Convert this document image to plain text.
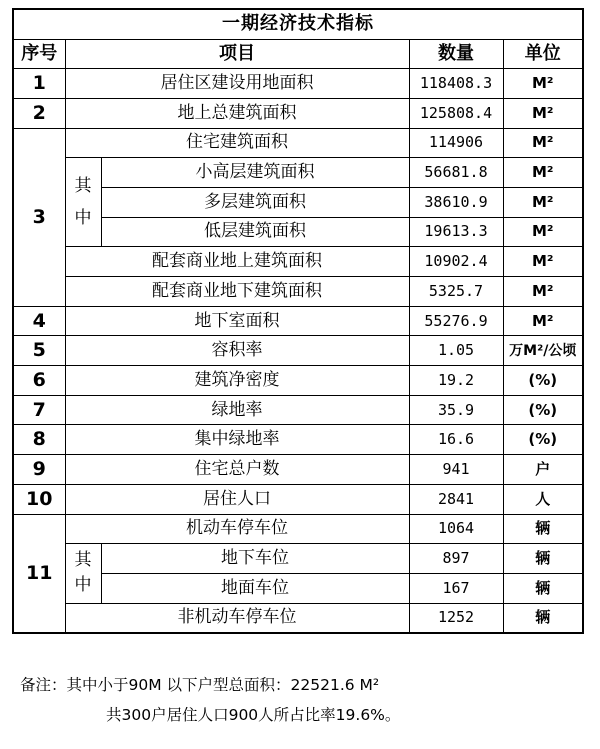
一期经济技术指标				
序号	项目		数量	单位
1	居住区建设用地面积		118408.3	M²
2	地上总建筑面积		125808.4	M²
3	住宅建筑面积		114906	M²
	其中	小高层建筑面积	56681.8	M²
		多层建筑面积	38610.9	M²
		低层建筑面积	19613.3	M²
	配套商业地上建筑面积		10902.4	M²
	配套商业地下建筑面积		5325.7	M²
4	地下室面积		55276.9	M²
5	容积率		1.05	万M²/公顷
6	建筑净密度		19.2	(%)
7	绿地率		35.9	(%)
8	集中绿地率		16.6	(%)
9	住宅总户数		941	户
10	居住人口		2841	人
11	机动车停车位		1064	辆
	其中	地下车位	897	辆
		地面车位	167	辆
	非机动车停车位		1252	辆
备注：其中小于90M 以下户型总面积：22521.6 M²
共300户居住人口900人所占比率19.6%。
